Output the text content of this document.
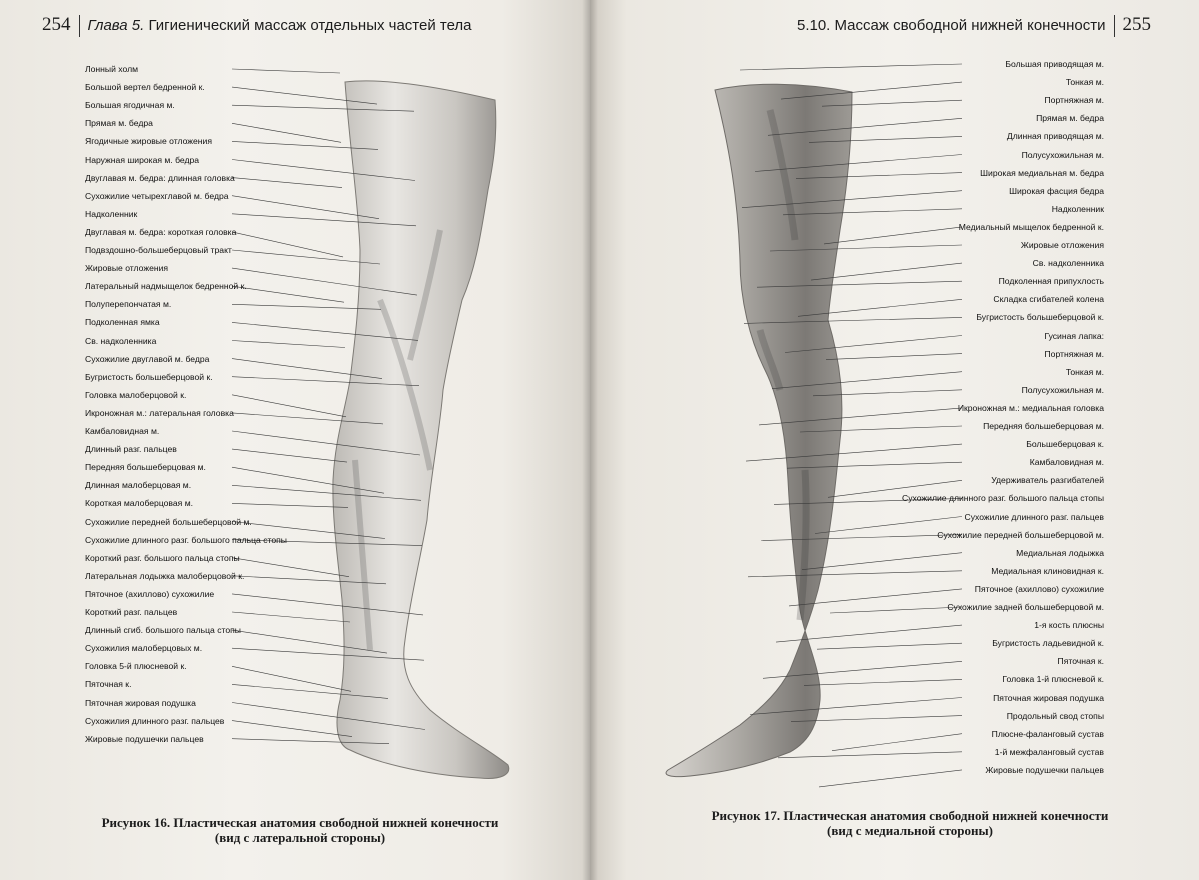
254 Глава 5. Гигиенический массаж отдельных частей тела
Лонный холм
Большой вертел бедренной к.
Большая ягодичная м.
Прямая м. бедра
Ягодичные жировые отложения
Наружная широкая м. бедра
Двуглавая м. бедра: длинная головка
Сухожилие четырехглавой м. бедра
Надколенник
Двуглавая м. бедра: короткая головка
Подвздошно-большеберцовый тракт
Жировые отложения
Латеральный надмыщелок бедренной к.
Полуперепончатая м.
Подколенная ямка
Св. надколенника
Сухожилие двуглавой м. бедра
Бугристость большеберцовой к.
Головка малоберцовой к.
Икроножная м.: латеральная головка
Камбаловидная м.
Длинный разг. пальцев
Передняя большеберцовая м.
Длинная малоберцовая м.
Короткая малоберцовая м.
Сухожилие передней большеберцовой м.
Сухожилие длинного разг. большого пальца стопы
Короткий разг. большого пальца стопы
Латеральная лодыжка малоберцовой к.
Пяточное (ахиллово) сухожилие
Короткий разг. пальцев
Длинный сгиб. большого пальца стопы
Сухожилия малоберцовых м.
Головка 5-й плюсневой к.
Пяточная к.
Пяточная жировая подушка
Сухожилия длинного разг. пальцев
Жировые подушечки пальцев
Рисунок 16. Пластическая анатомия свободной нижней конечности
(вид с латеральной стороны)
5.10. Массаж свободной нижней конечности 255
Большая приводящая м.
Тонкая м.
Портняжная м.
Прямая м. бедра
Длинная приводящая м.
Полусухожильная м.
Широкая медиальная м. бедра
Широкая фасция бедра
Надколенник
Медиальный мыщелок бедренной к.
Жировые отложения
Св. надколенника
Подколенная припухлость
Складка сгибателей колена
Бугристость большеберцовой к.
Гусиная лапка:
Портняжная м.
Тонкая м.
Полусухожильная м.
Икроножная м.: медиальная головка
Передняя большеберцовая м.
Большеберцовая к.
Камбаловидная м.
Удерживатель разгибателей
Сухожилие длинного разг. большого пальца стопы
Сухожилие длинного разг. пальцев
Сухожилие передней большеберцовой м.
Медиальная лодыжка
Медиальная клиновидная к.
Пяточное (ахиллово) сухожилие
Сухожилие задней большеберцовой м.
1-я кость плюсны
Бугристость ладьевидной к.
Пяточная к.
Головка 1-й плюсневой к.
Пяточная жировая подушка
Продольный свод стопы
Плюсне-фаланговый сустав
1-й межфаланговый сустав
Жировые подушечки пальцев
Рисунок 17. Пластическая анатомия свободной нижней конечности
(вид с медиальной стороны)
